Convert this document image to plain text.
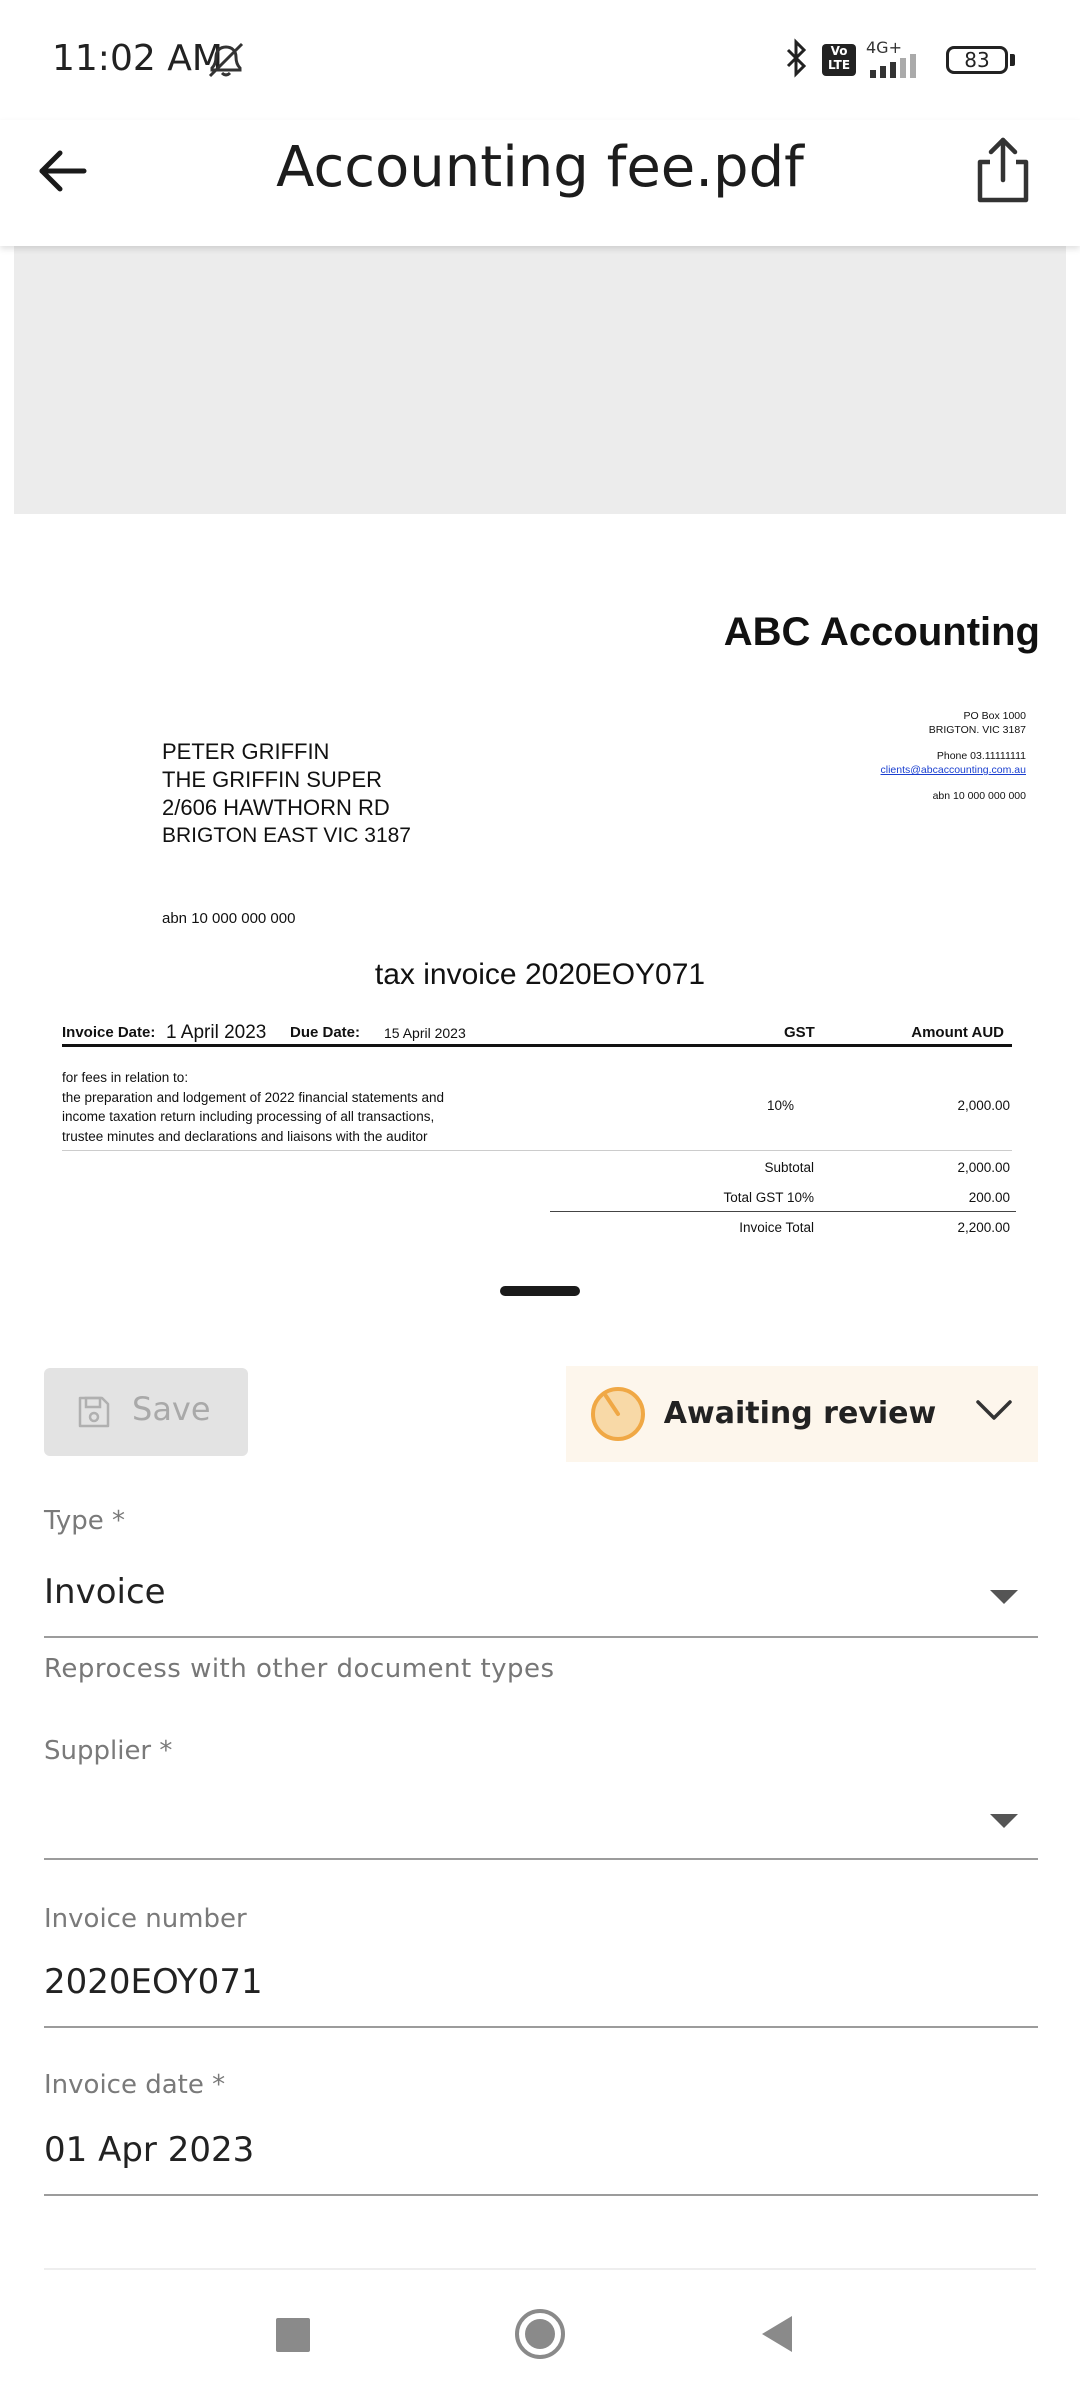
11:02 AM	Vo LTE
4G+
83
Accounting fee.pdf
ABC Accounting
PO Box 1000
BRIGTON. VIC 3187
Phone 03.11111111
clients@abcaccounting.com.au
abn 10 000 000 000
PETER GRIFFIN
THE GRIFFIN SUPER
2/606 HAWTHORN RD
BRIGTON EAST VIC 3187
abn 10 000 000 000
tax invoice 2020EOY071
Invoice Date: 1 April 2023 Due Date: 15 April 2023	GST	Amount AUD
for fees in relation to:
the preparation and lodgement of 2022 financial statements and
income taxation return including processing of all transactions,
trustee minutes and declarations and liaisons with the auditor
10%	2,000.00
Subtotal	2,000.00
Total GST 10%	200.00
Invoice Total	2,200.00
Save	Awaiting review
Type *
Invoice
Reprocess with other document types
Supplier *
Invoice number
2020EOY071
Invoice date *
01 Apr 2023
